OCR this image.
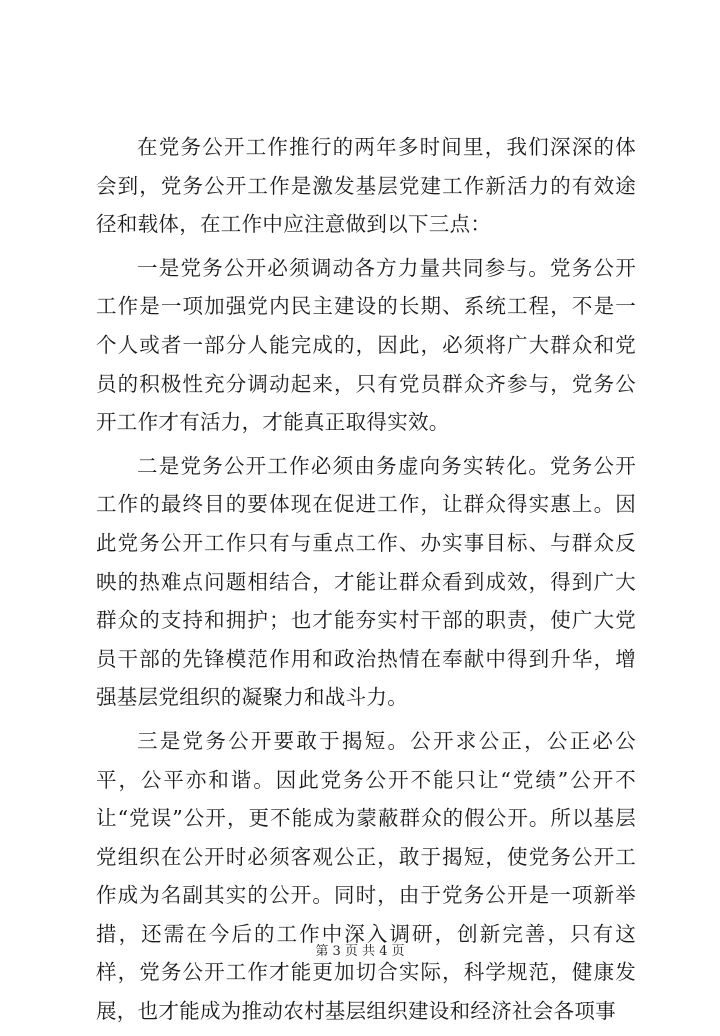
在党务公开工作推行的两年多时间里，我们深深的体会到，党务公开工作是激发基层党建工作新活力的有效途径和载体，在工作中应注意做到以下三点：

一是党务公开必须调动各方力量共同参与。党务公开工作是一项加强党内民主建设的长期、系统工程，不是一个人或者一部分人能完成的，因此，必须将广大群众和党员的积极性充分调动起来，只有党员群众齐参与，党务公开工作才有活力，才能真正取得实效。

二是党务公开工作必须由务虚向务实转化。党务公开工作的最终目的要体现在促进工作，让群众得实惠上。因此党务公开工作只有与重点工作、办实事目标、与群众反映的热难点问题相结合，才能让群众看到成效，得到广大群众的支持和拥护；也才能夯实村干部的职责，使广大党员干部的先锋模范作用和政治热情在奉献中得到升华，增强基层党组织的凝聚力和战斗力。

三是党务公开要敢于揭短。公开求公正，公正必公平，公平亦和谐。因此党务公开不能只让“党绩”公开不让“党误”公开，更不能成为蒙蔽群众的假公开。所以基层党组织在公开时必须客观公正，敢于揭短，使党务公开工作成为名副其实的公开。同时，由于党务公开是一项新举措，还需在今后的工作中深入调研，创新完善，只有这样，党务公开工作才能更加切合实际，科学规范，健康发展，也才能成为推动农村基层组织建设和经济社会各项事

第 3 页 共 4 页
